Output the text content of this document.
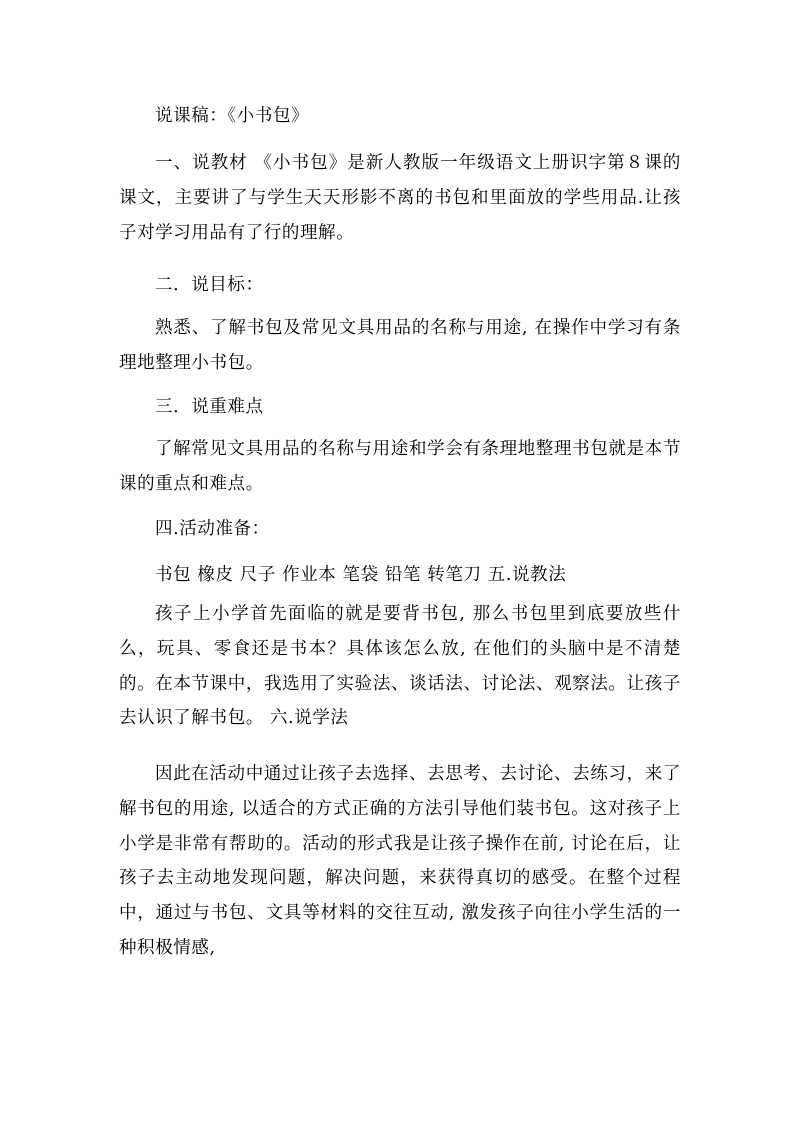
说课稿：《小书包》

一、说教材 《小书包》是新人教版一年级语文上册识字第８课的课文，主要讲了与学生天天形影不离的书包和里面放的学些用品.让孩子对学习用品有了行的理解。

二．说目标：

熟悉、了解书包及常见文具用品的名称与用途, 在操作中学习有条理地整理小书包。

三．说重难点

了解常见文具用品的名称与用途和学会有条理地整理书包就是本节课的重点和难点。

四.活动准备：

书包 橡皮 尺子 作业本 笔袋 铅笔 转笔刀 五.说教法

孩子上小学首先面临的就是要背书包, 那么书包里到底要放些什么，玩具、零食还是书本？具体该怎么放, 在他们的头脑中是不清楚的。在本节课中，我选用了实验法、谈话法、讨论法、观察法。让孩子去认识了解书包。 六.说学法

因此在活动中通过让孩子去选择、去思考、去讨论、去练习，来了解书包的用途, 以适合的方式正确的方法引导他们装书包。这对孩子上小学是非常有帮助的。活动的形式我是让孩子操作在前, 讨论在后，让孩子去主动地发现问题，解决问题，来获得真切的感受。在整个过程中，通过与书包、文具等材料的交往互动, 激发孩子向往小学生活的一种积极情感,
